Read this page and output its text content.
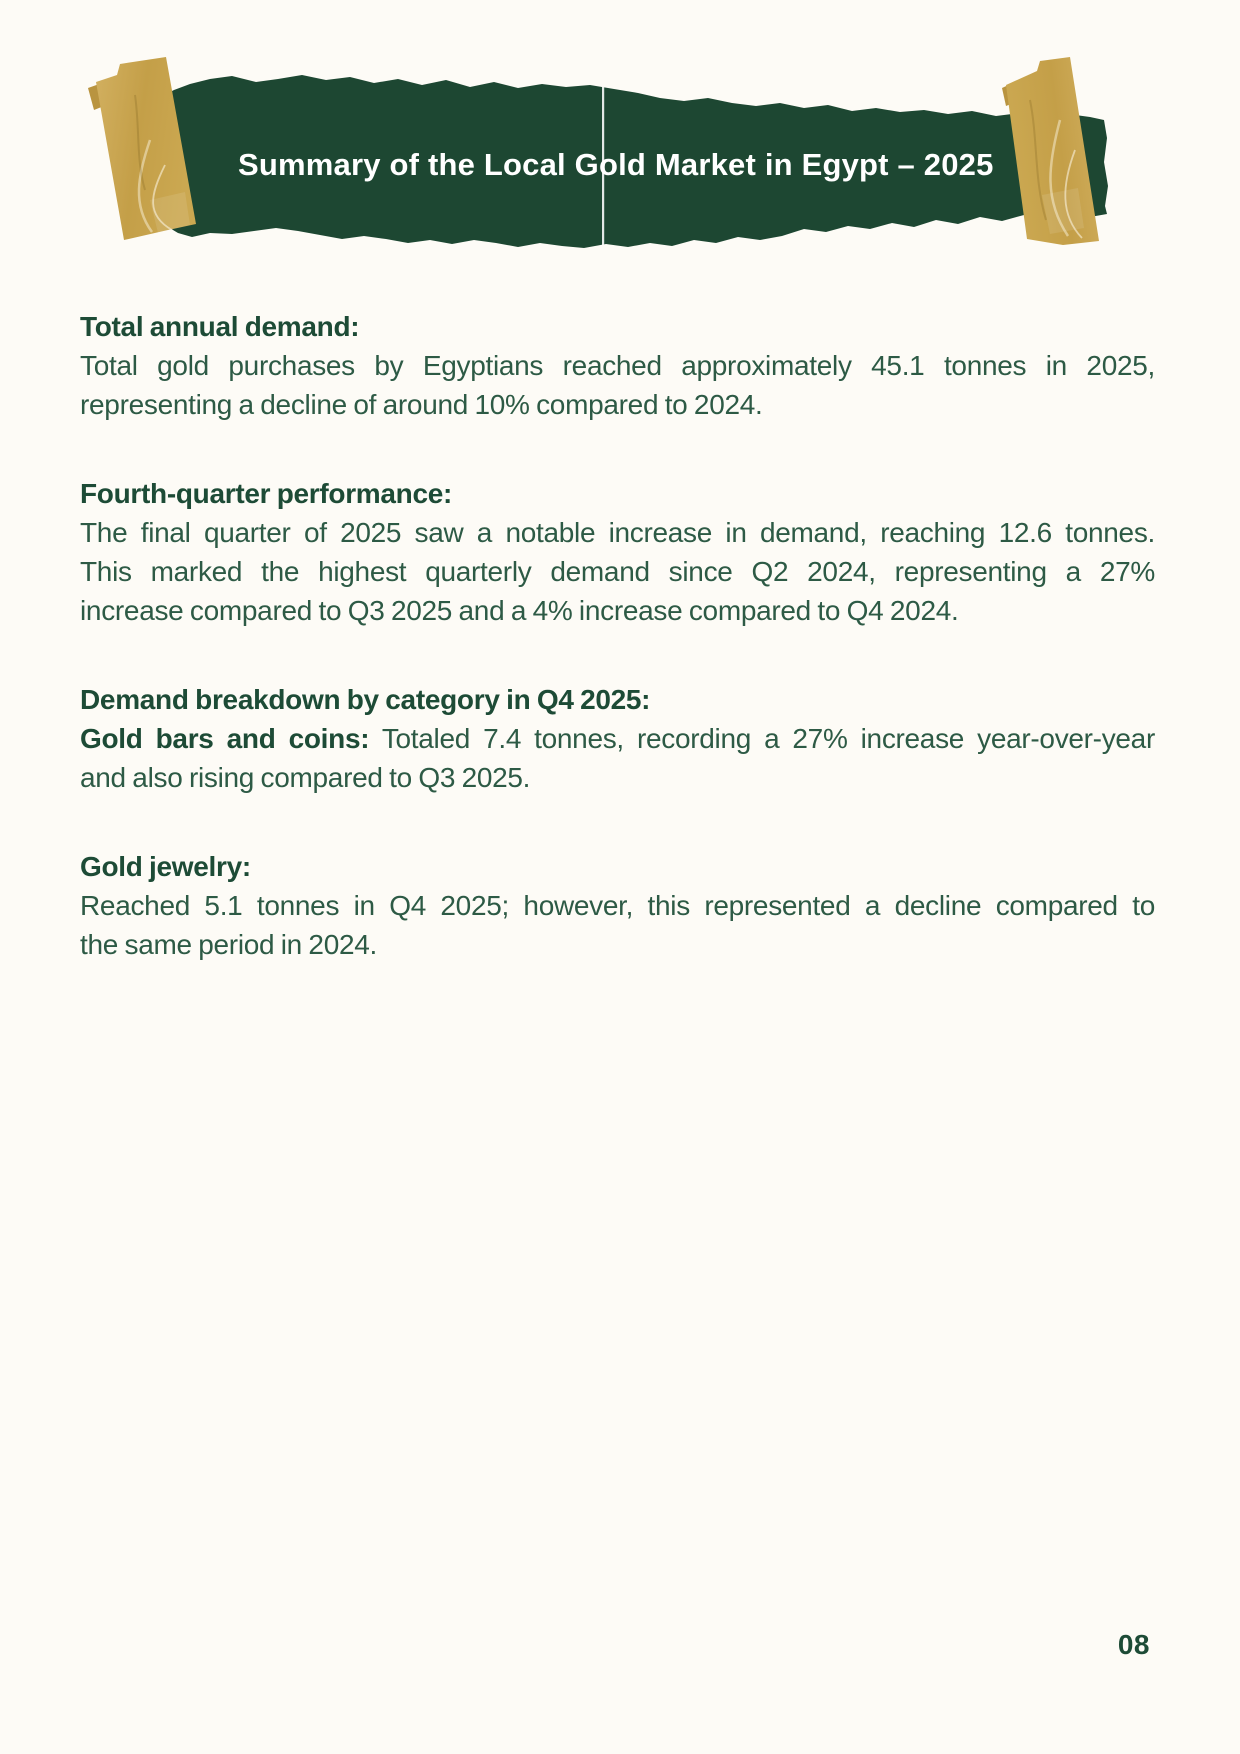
Summary of the Local Gold Market in Egypt – 2025
Total annual demand:
Total gold purchases by Egyptians reached approximately 45.1 tonnes in 2025,
representing a decline of around 10% compared to 2024.
Fourth-quarter performance:
The final quarter of 2025 saw a notable increase in demand, reaching 12.6 tonnes.
This marked the highest quarterly demand since Q2 2024, representing a 27%
increase compared to Q3 2025 and a 4% increase compared to Q4 2024.
Demand breakdown by category in Q4 2025:
Gold bars and coins: Totaled 7.4 tonnes, recording a 27% increase year-over-year
and also rising compared to Q3 2025.
Gold jewelry:
Reached 5.1 tonnes in Q4 2025; however, this represented a decline compared to
the same period in 2024.
08
